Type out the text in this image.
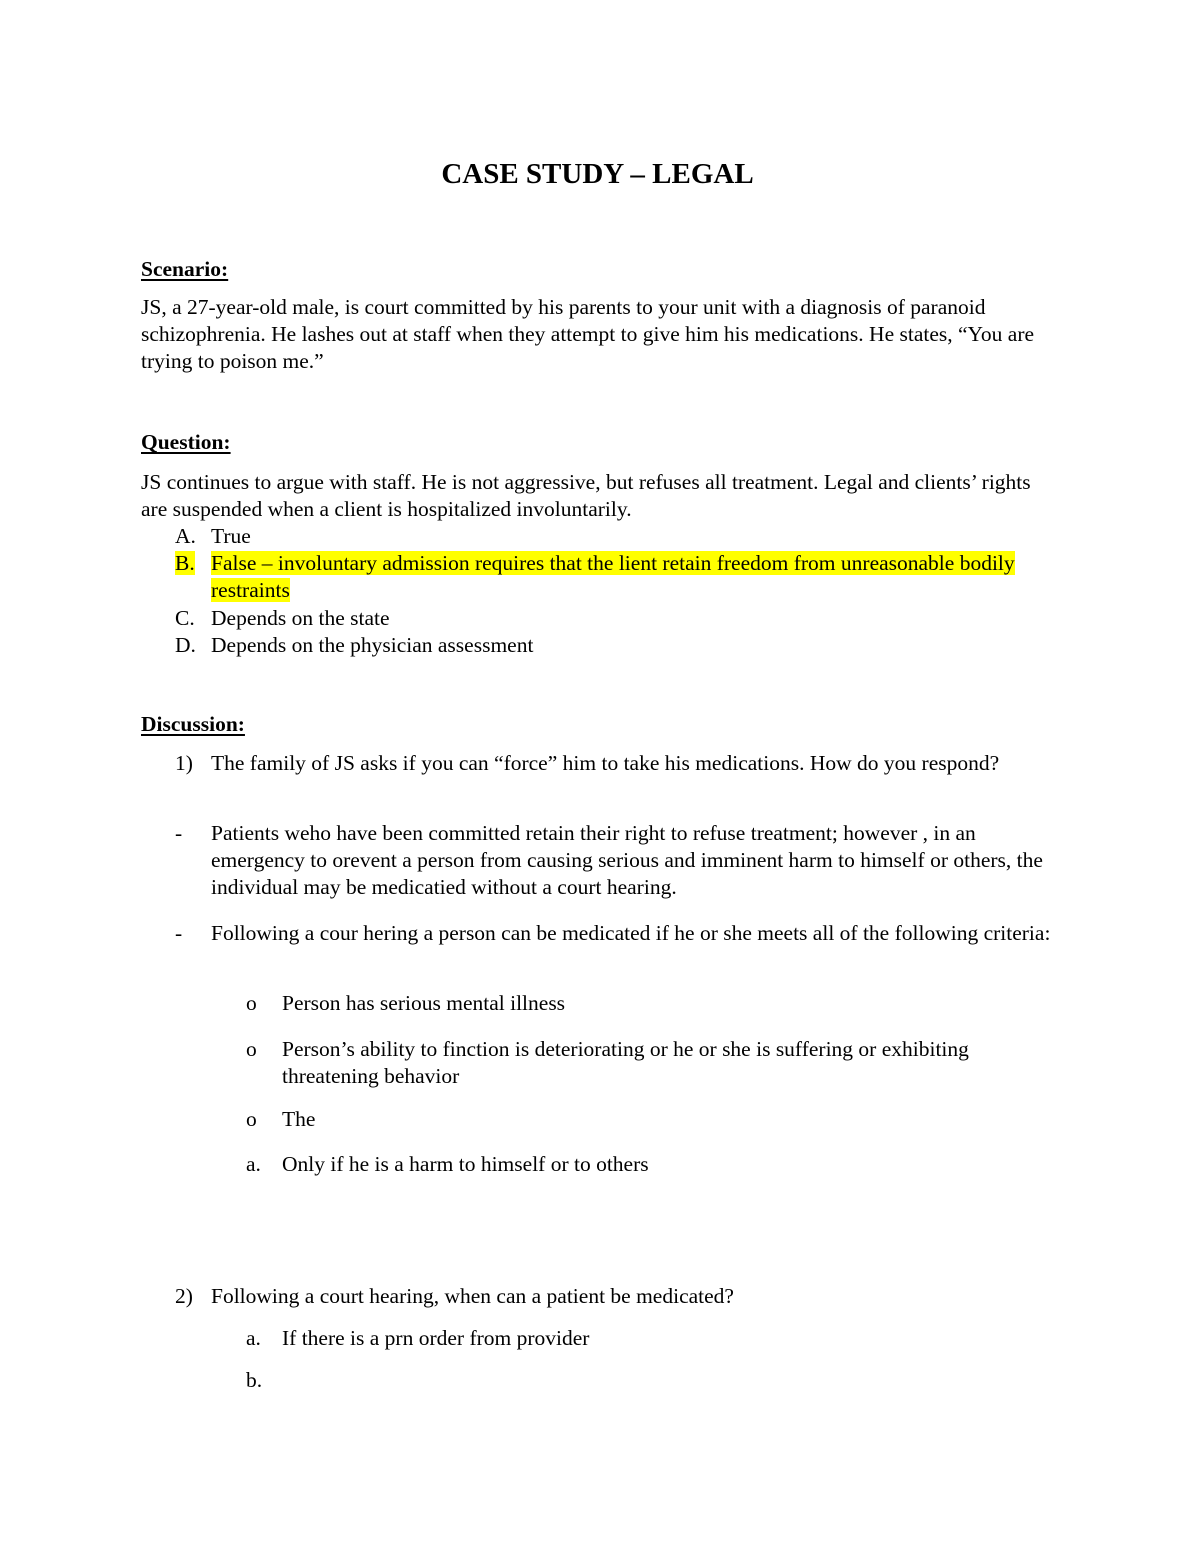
CASE STUDY – LEGAL
Scenario:
JS, a 27-year-old male, is court committed by his parents to your unit with a diagnosis of paranoid schizophrenia. He lashes out at staff when they attempt to give him his medications. He states, “You are trying to poison me.”
Question:
JS continues to argue with staff. He is not aggressive, but refuses all treatment. Legal and clients’ rights are suspended when a client is hospitalized involuntarily.
A. True
B. False – involuntary admission requires that the lient retain freedom from unreasonable bodily restraints
C. Depends on the state
D. Depends on the physician assessment
Discussion:
1) The family of JS asks if you can “force” him to take his medications. How do you respond?
-	Patients weho have been committed retain their right to refuse treatment; however , in an emergency to orevent a person from causing serious and imminent harm to himself or others, the individual may be medicatied without a court hearing.
-	Following a cour hering a person can be medicated if he or she meets all of the following criteria:
o	Person has serious mental illness
o	Person’s ability to finction is deteriorating or he or she is suffering or exhibiting threatening behavior
o	The
a. Only if he is a harm to himself or to others
2) Following a court hearing, when can a patient be medicated?
a. If there is a prn order from provider
b.
